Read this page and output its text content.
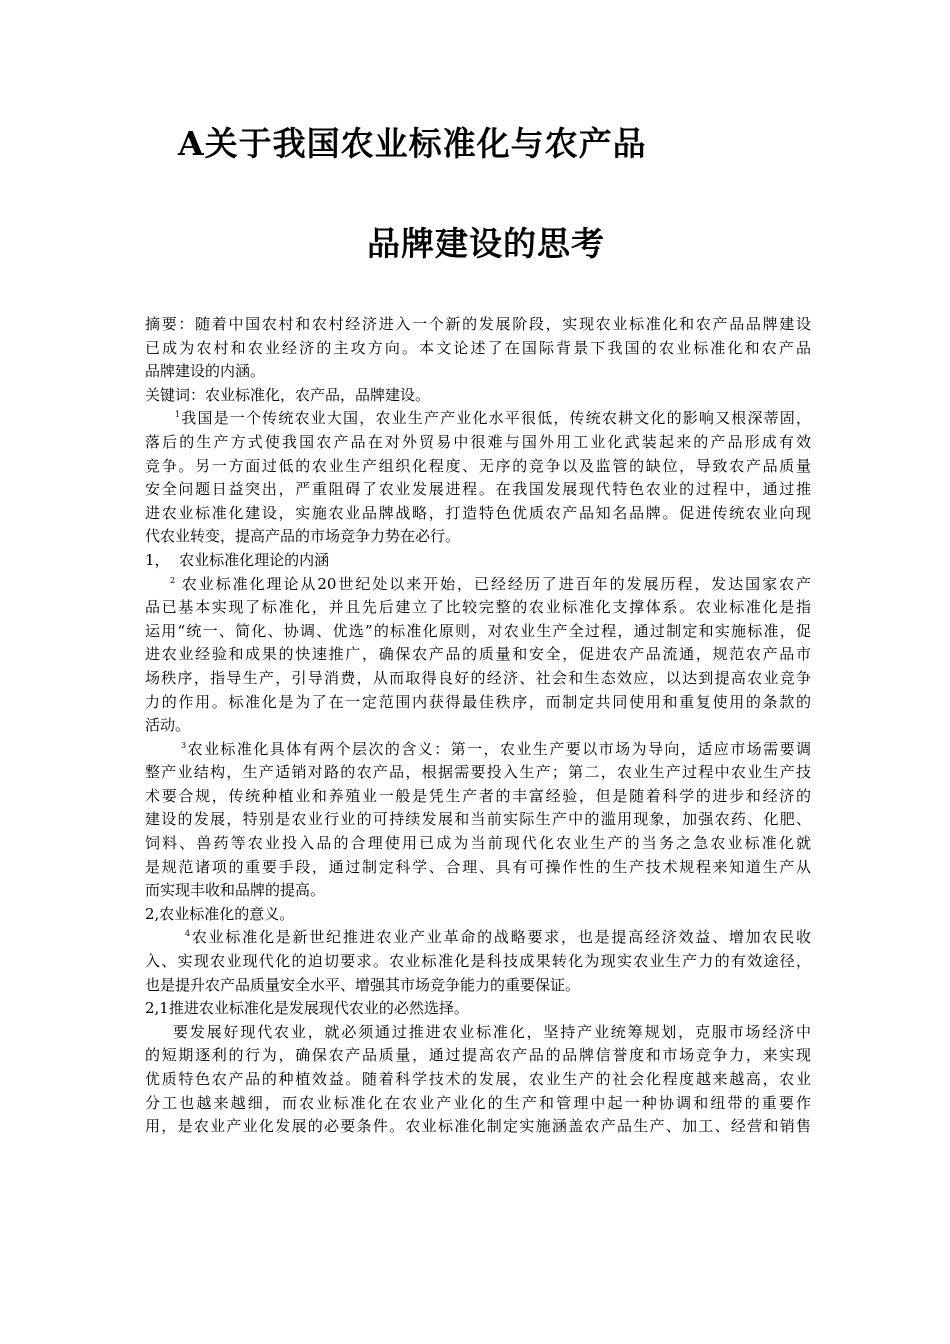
A关于我国农业标准化与农产品
品牌建设的思考
摘要：随着中国农村和农村经济进入一个新的发展阶段，实现农业标准化和农产品品牌建设
已成为农村和农业经济的主攻方向。本文论述了在国际背景下我国的农业标准化和农产品
品牌建设的内涵。
关键词：农业标准化，农产品，品牌建设。
$^1$我国是一个传统农业大国，农业生产产业化水平很低，传统农耕文化的影响又根深蒂固，
落后的生产方式使我国农产品在对外贸易中很难与国外用工业化武装起来的产品形成有效
竞争。另一方面过低的农业生产组织化程度、无序的竞争以及监管的缺位，导致农产品质量
安全问题日益突出，严重阻碍了农业发展进程。在我国发展现代特色农业的过程中，通过推
进农业标准化建设，实施农业品牌战略，打造特色优质农产品知名品牌。促进传统农业向现
代农业转变，提高产品的市场竞争力势在必行。
1，  农业标准化理论的内涵
$^2$ 农业标准化理论从20世纪处以来开始，已经经历了进百年的发展历程，发达国家农产
品已基本实现了标准化，并且先后建立了比较完整的农业标准化支撑体系。农业标准化是指
运用“统一、简化、协调、优选”的标准化原则，对农业生产全过程，通过制定和实施标准，促
进农业经验和成果的快速推广，确保农产品的质量和安全，促进农产品流通，规范农产品市
场秩序，指导生产，引导消费，从而取得良好的经济、社会和生态效应，以达到提高农业竞争
力的作用。标准化是为了在一定范围内获得最佳秩序，而制定共同使用和重复使用的条款的
活动。
$^3$农业标准化具体有两个层次的含义：第一，农业生产要以市场为导向，适应市场需要调
整产业结构，生产适销对路的农产品，根据需要投入生产；第二，农业生产过程中农业生产技
术要合规，传统种植业和养殖业一般是凭生产者的丰富经验，但是随着科学的进步和经济的
建设的发展，特别是农业行业的可持续发展和当前实际生产中的滥用现象，加强农药、化肥、
饲料、兽药等农业投入品的合理使用已成为当前现代化农业生产的当务之急农业标准化就
是规范诸项的重要手段，通过制定科学、合理、具有可操作性的生产技术规程来知道生产从
而实现丰收和品牌的提高。
2,农业标准化的意义。
$^4$农业标准化是新世纪推进农业产业革命的战略要求，也是提高经济效益、增加农民收
入、实现农业现代化的迫切要求。农业标准化是科技成果转化为现实农业生产力的有效途径，
也是提升农产品质量安全水平、增强其市场竞争能力的重要保证。
2,1推进农业标准化是发展现代农业的必然选择。
要发展好现代农业，就必须通过推进农业标准化，坚持产业统筹规划，克服市场经济中
的短期逐利的行为，确保农产品质量，通过提高农产品的品牌信誉度和市场竞争力，来实现
优质特色农产品的种植效益。随着科学技术的发展，农业生产的社会化程度越来越高，农业
分工也越来越细，而农业标准化在农业产业化的生产和管理中起一种协调和纽带的重要作
用，是农业产业化发展的必要条件。农业标准化制定实施涵盖农产品生产、加工、经营和销售
